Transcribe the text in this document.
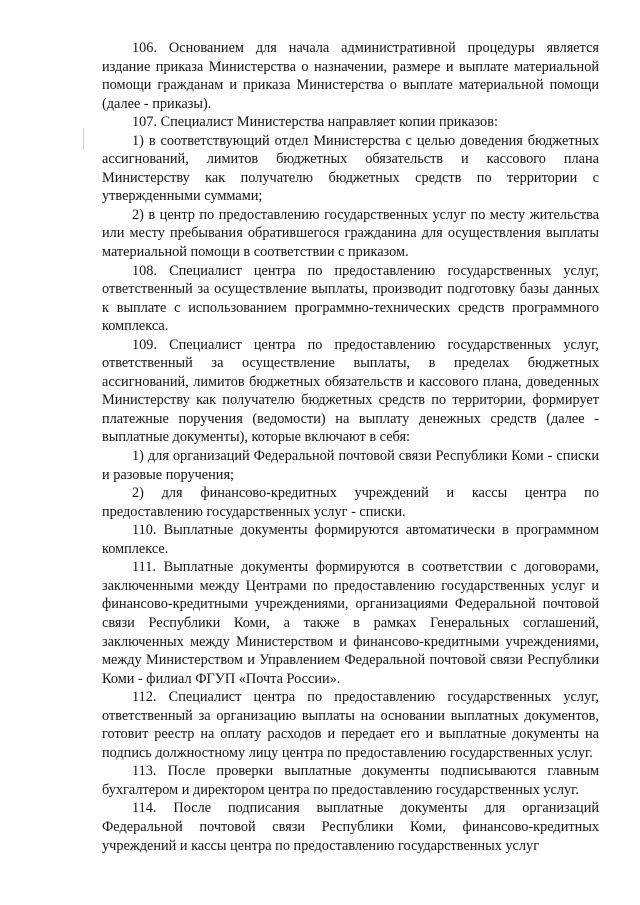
106. Основанием для начала административной процедуры является издание приказа Министерства о назначении, размере и выплате материальной помощи гражданам и приказа Министерства о выплате материальной помощи (далее - приказы).

107. Специалист Министерства направляет копии приказов:

1) в соответствующий отдел Министерства с целью доведения бюджетных ассигнований, лимитов бюджетных обязательств и кассового плана Министерству как получателю бюджетных средств по территории с утвержденными суммами;

2) в центр по предоставлению государственных услуг по месту жительства или месту пребывания обратившегося гражданина для осуществления выплаты материальной помощи в соответствии с приказом.

108. Специалист центра по предоставлению государственных услуг, ответственный за осуществление выплаты, производит подготовку базы данных к выплате с использованием программно-технических средств программного комплекса.

109. Специалист центра по предоставлению государственных услуг, ответственный за осуществление выплаты, в пределах бюджетных ассигнований, лимитов бюджетных обязательств и кассового плана, доведенных Министерству как получателю бюджетных средств по территории, формирует платежные поручения (ведомости) на выплату денежных средств (далее - выплатные документы), которые включают в себя:

1) для организаций Федеральной почтовой связи Республики Коми - списки и разовые поручения;

2) для финансово-кредитных учреждений и кассы центра по предоставлению государственных услуг - списки.

110. Выплатные документы формируются автоматически в программном комплексе.

111. Выплатные документы формируются в соответствии с договорами, заключенными между Центрами по предоставлению государственных услуг и финансово-кредитными учреждениями, организациями Федеральной почтовой связи Республики Коми, а также в рамках Генеральных соглашений, заключенных между Министерством и финансово-кредитными учреждениями, между Министерством и Управлением Федеральной почтовой связи Республики Коми - филиал ФГУП «Почта России».

112. Специалист центра по предоставлению государственных услуг, ответственный за организацию выплаты на основании выплатных документов, готовит реестр на оплату расходов и передает его и выплатные документы на подпись должностному лицу центра по предоставлению государственных услуг.

113. После проверки выплатные документы подписываются главным бухгалтером и директором центра по предоставлению государственных услуг.

114. После подписания выплатные документы для организаций Федеральной почтовой связи Республики Коми, финансово-кредитных учреждений и кассы центра по предоставлению государственных услуг
